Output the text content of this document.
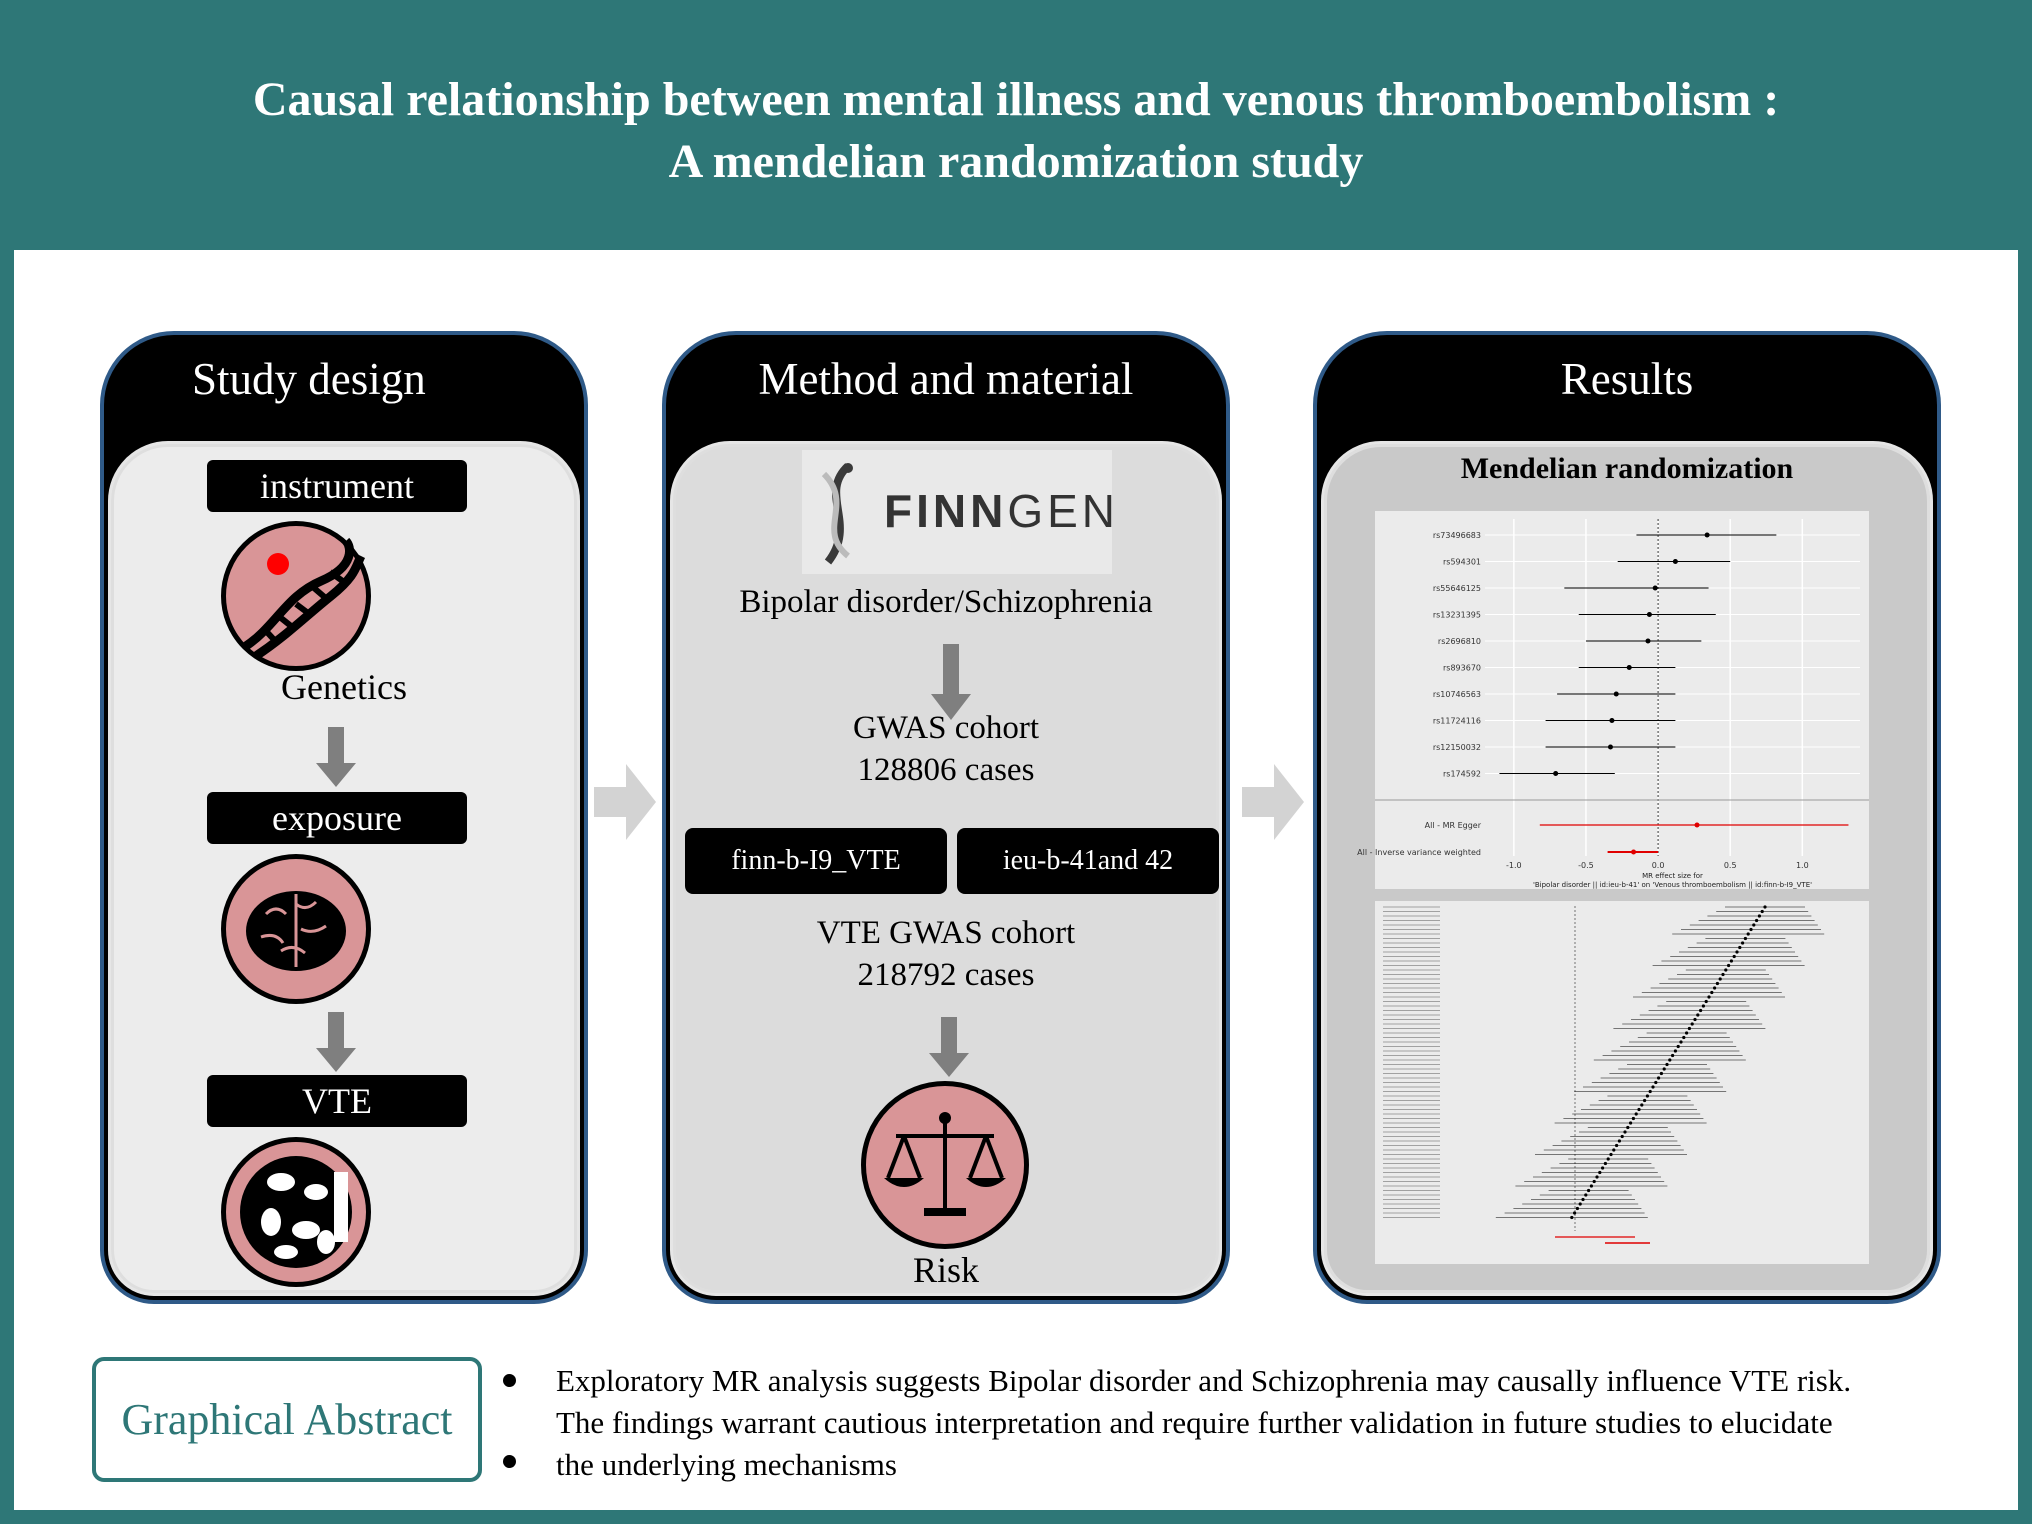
Causal relationship between mental illness and venous thromboembolism :
A mendelian randomization study
Study design
instrument
Genetics
exposure
VTE
Method and material
FINNGEN
Bipolar disorder/Schizophrenia
GWAS cohort
128806 cases
finn-b-I9_VTE	ieu-b-41and 42
VTE GWAS cohort
218792 cases
Risk
Results
Mendelian randomization
-1.0	-0.5	0.0	0.5	1.0
rs73496683
rs594301
rs55646125
rs13231395
rs2696810
rs893670
rs10746563
rs11724116
rs12150032
rs174592
All - MR Egger
All - Inverse variance weighted
MR effect size for
'Bipolar disorder || id:ieu-b-41' on 'Venous thromboembolism || id:finn-b-I9_VTE'
Graphical Abstract
Exploratory MR analysis suggests Bipolar disorder and Schizophrenia may causally influence VTE risk.
The findings warrant cautious interpretation and require further validation in future studies to elucidate
the underlying mechanisms
